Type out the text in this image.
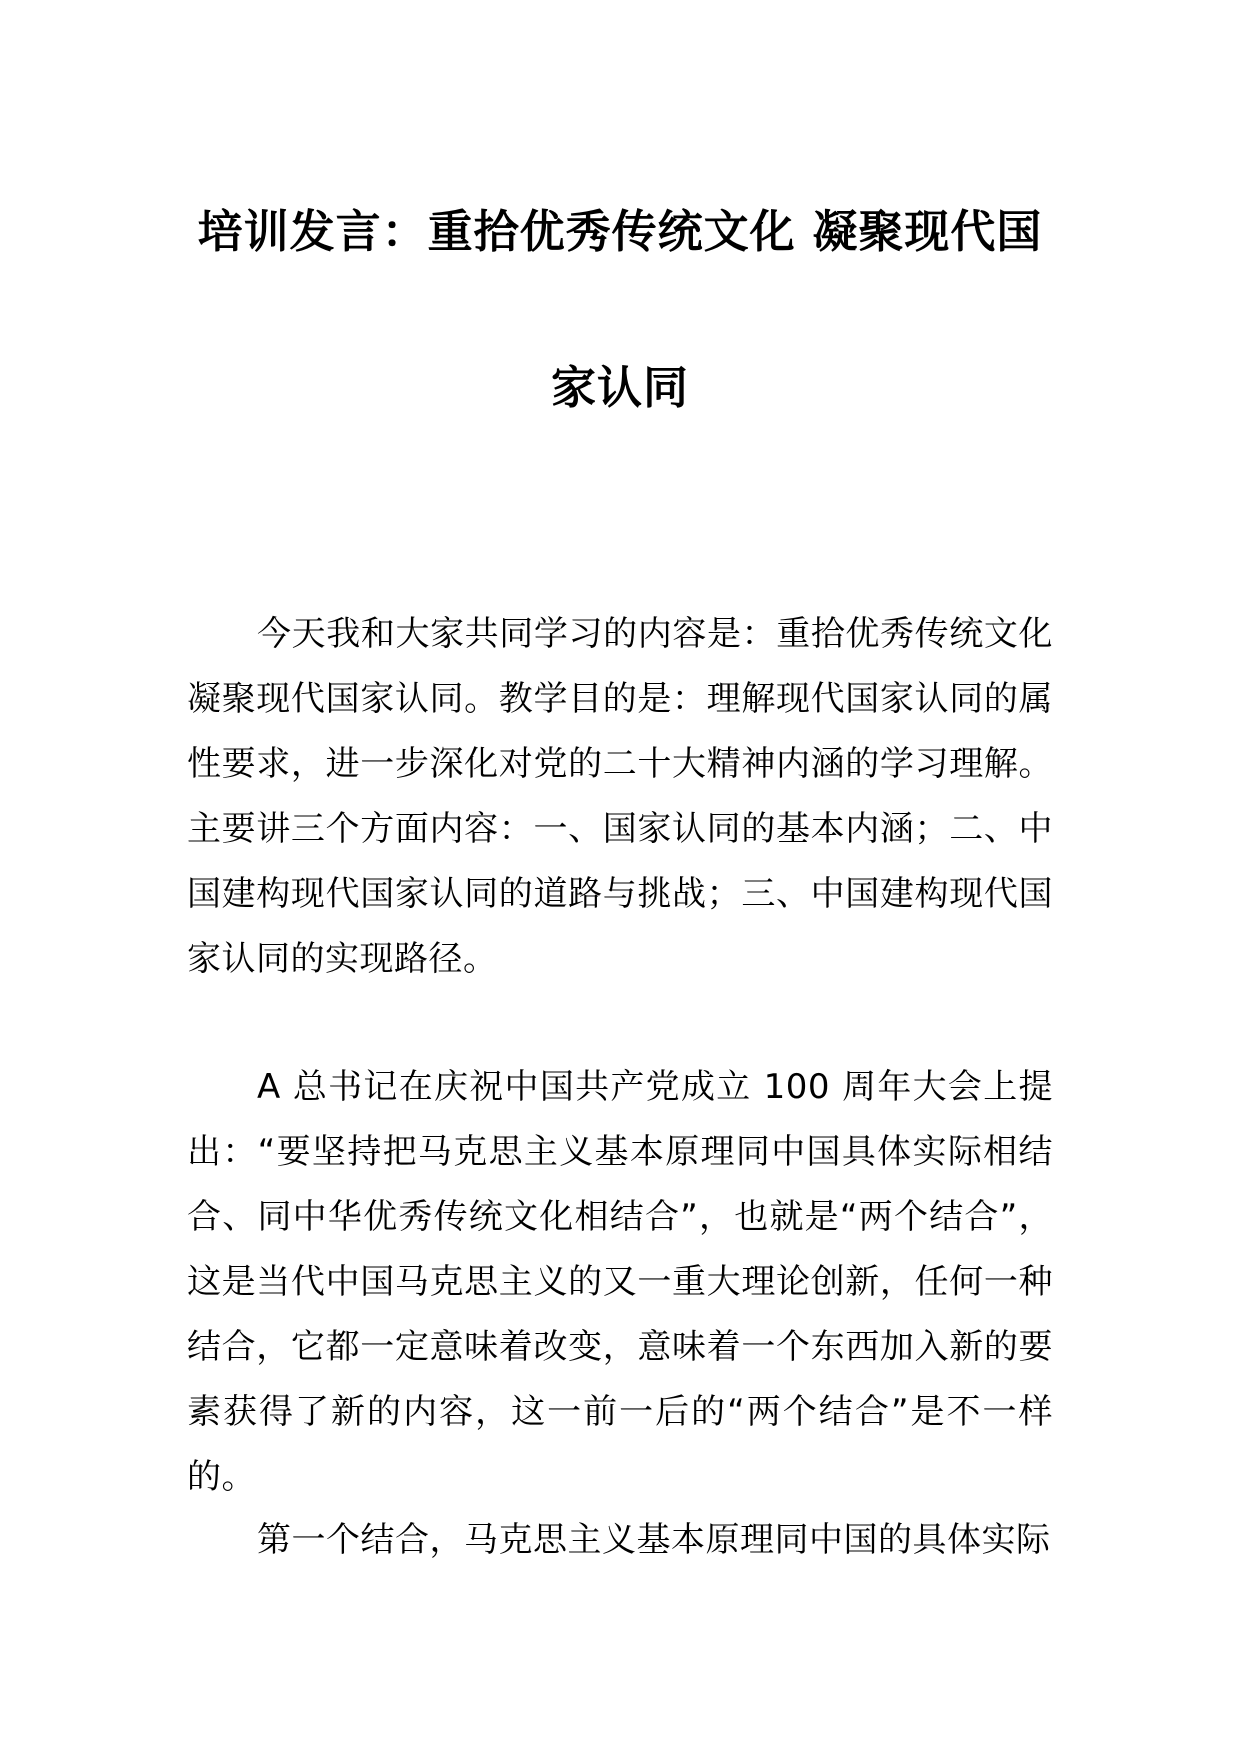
培训发言：重拾优秀传统文化 凝聚现代国
家认同

今天我和大家共同学习的内容是：重拾优秀传统文化 凝聚现代国家认同。教学目的是：理解现代国家认同的属性要求，进一步深化对党的二十大精神内涵的学习理解。主要讲三个方面内容：一、国家认同的基本内涵；二、中国建构现代国家认同的道路与挑战；三、中国建构现代国家认同的实现路径。

A 总书记在庆祝中国共产党成立 100 周年大会上提出：“要坚持把马克思主义基本原理同中国具体实际相结合、同中华优秀传统文化相结合”，也就是“两个结合”，这是当代中国马克思主义的又一重大理论创新，任何一种结合，它都一定意味着改变，意味着一个东西加入新的要素获得了新的内容，这一前一后的“两个结合”是不一样的。

第一个结合，马克思主义基本原理同中国的具体实际
